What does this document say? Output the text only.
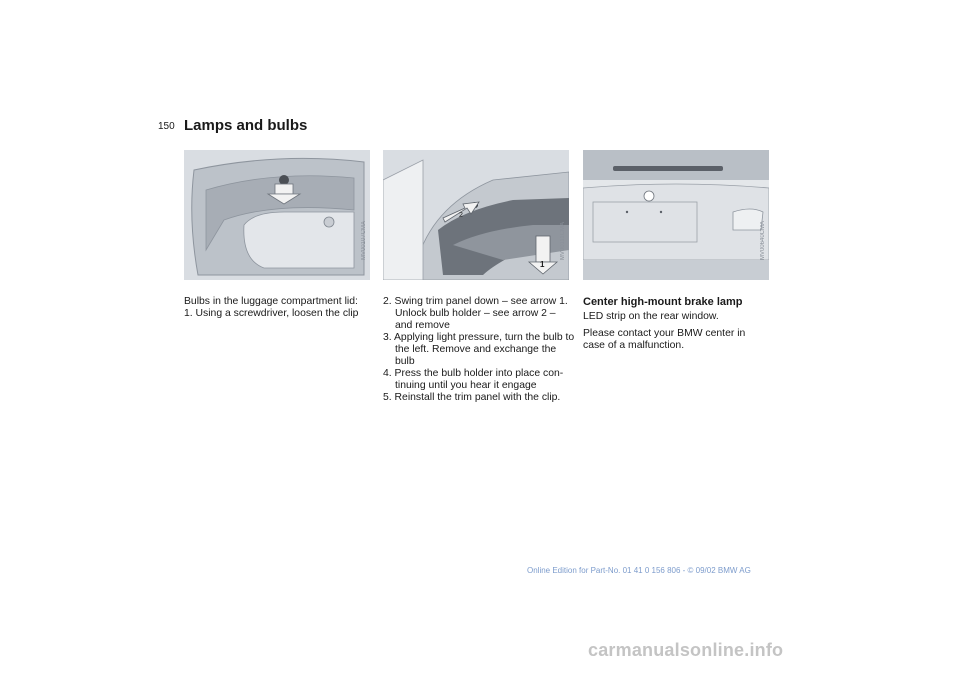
150 Lamps and bulbs
MV00107CMA
2
1
MV00111CMA	MV00640CMA

Bulbs in the luggage compartment lid:

1. Using a screwdriver, loosen the clip
2. Swing trim panel down – see arrow 1. Unlock bulb holder – see arrow 2 – and remove
3. Applying light pressure, turn the bulb to the left. Remove and exchange the bulb
4. Press the bulb holder into place con-tinuing until you hear it engage
5. Reinstall the trim panel with the clip.
Center high-mount brake lamp

LED strip on the rear window.

Please contact your BMW center in case of a malfunction.

Online Edition for Part-No. 01 41 0 156 806 - © 09/02 BMW AG
carmanualsonline.info
